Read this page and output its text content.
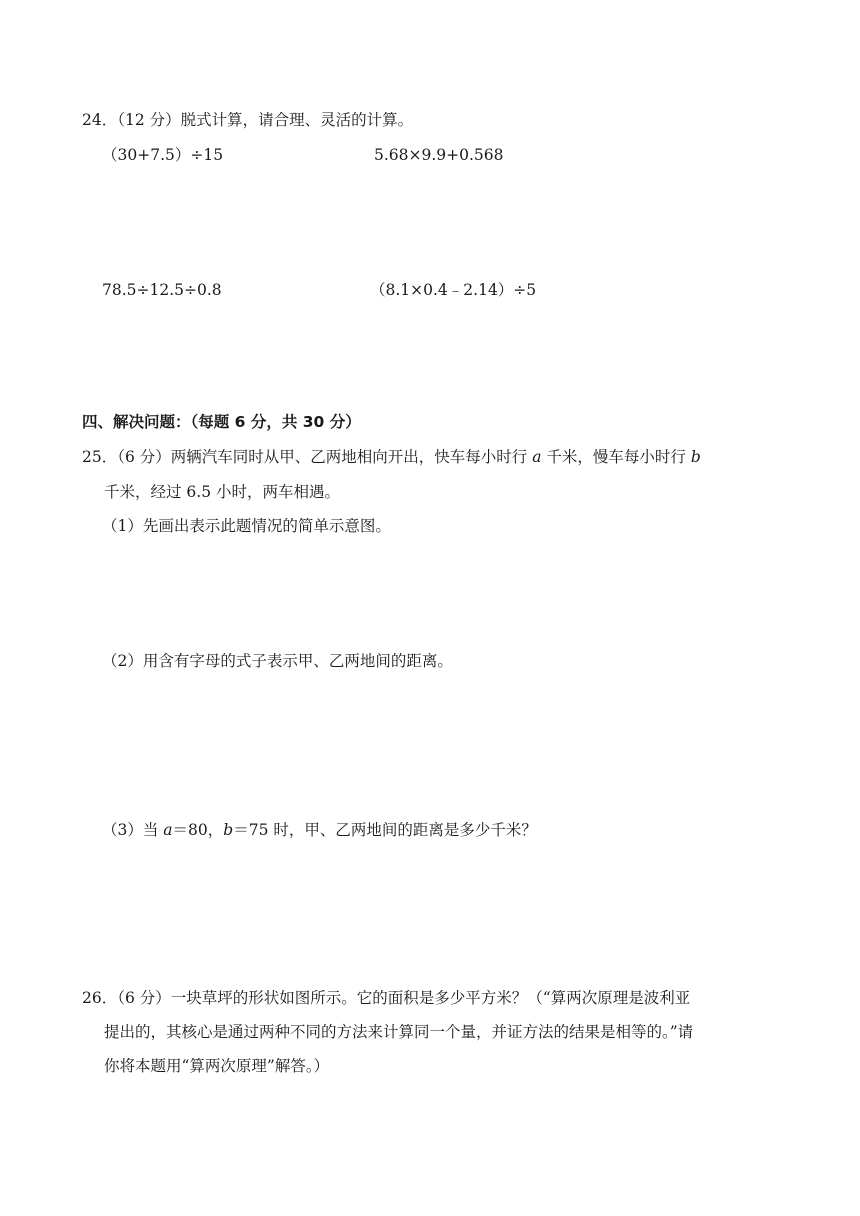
24．（12 分）脱式计算，请合理、灵活的计算。
（30+7.5）÷15	5.68×9.9+0.568
78.5÷12.5÷0.8	（8.1×0.4﹣2.14）÷5
四、解决问题：（每题 6 分，共 30 分）
25．（6 分）两辆汽车同时从甲、乙两地相向开出，快车每小时行 a 千米，慢车每小时行 b
千米，经过 6.5 小时，两车相遇。
（1）先画出表示此题情况的简单示意图。
（2）用含有字母的式子表示甲、乙两地间的距离。
（3）当 a＝80，b＝75 时，甲、乙两地间的距离是多少千米？
26．（6 分）一块草坪的形状如图所示。它的面积是多少平方米？（“算两次原理是波利亚
提出的，其核心是通过两种不同的方法来计算同一个量，并证方法的结果是相等的。”请
你将本题用“算两次原理”解答。）
